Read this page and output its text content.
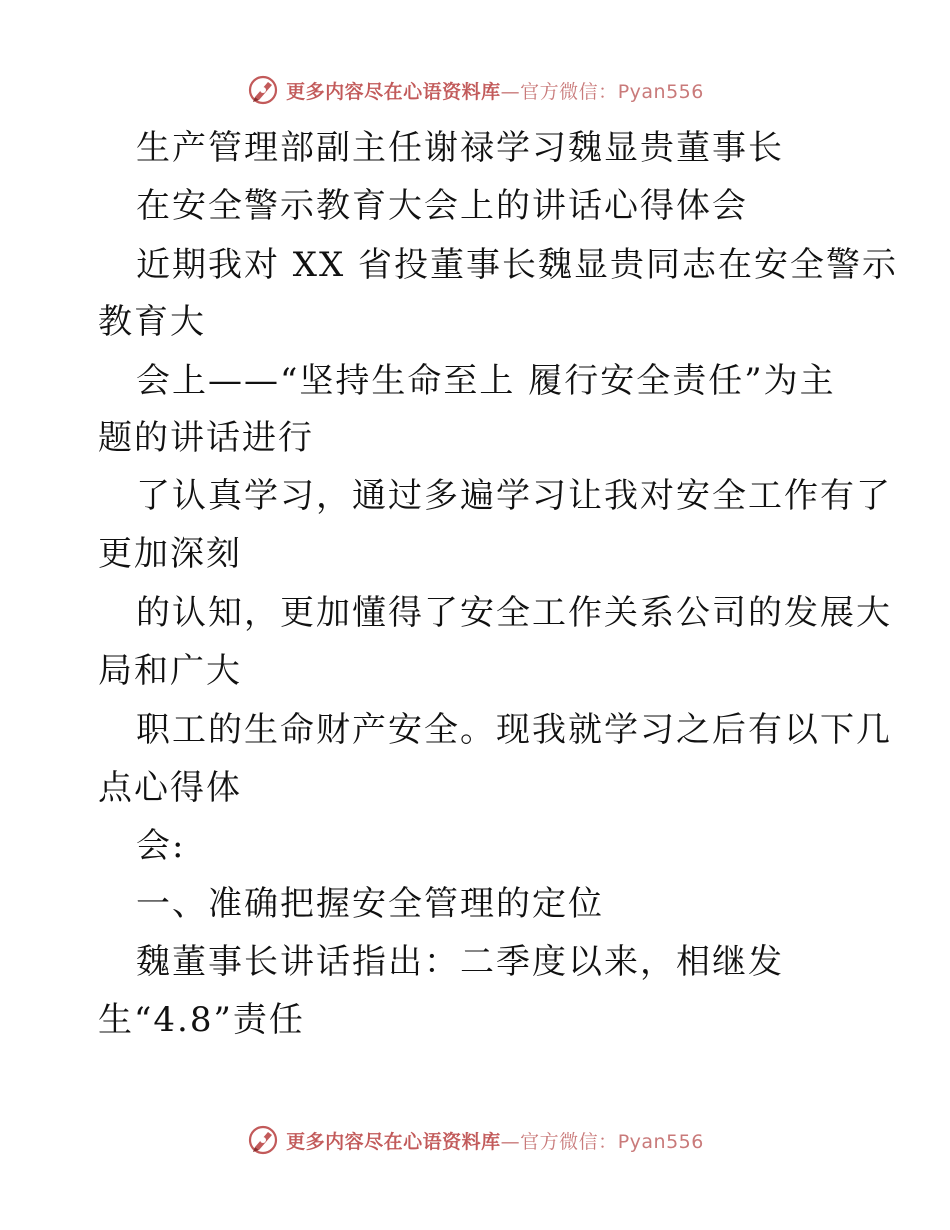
更多内容尽在心语资料库—官方微信：Pyan556
生产管理部副主任谢禄学习魏显贵董事长
在安全警示教育大会上的讲话心得体会
近期我对 XX 省投董事长魏显贵同志在安全警示
教育大
会上——“坚持生命至上 履行安全责任”为主
题的讲话进行
了认真学习，通过多遍学习让我对安全工作有了
更加深刻
的认知，更加懂得了安全工作关系公司的发展大
局和广大
职工的生命财产安全。现我就学习之后有以下几
点心得体
会:
一、准确把握安全管理的定位
魏董事长讲话指出：二季度以来，相继发
生“4.8”责任
更多内容尽在心语资料库—官方微信：Pyan556
